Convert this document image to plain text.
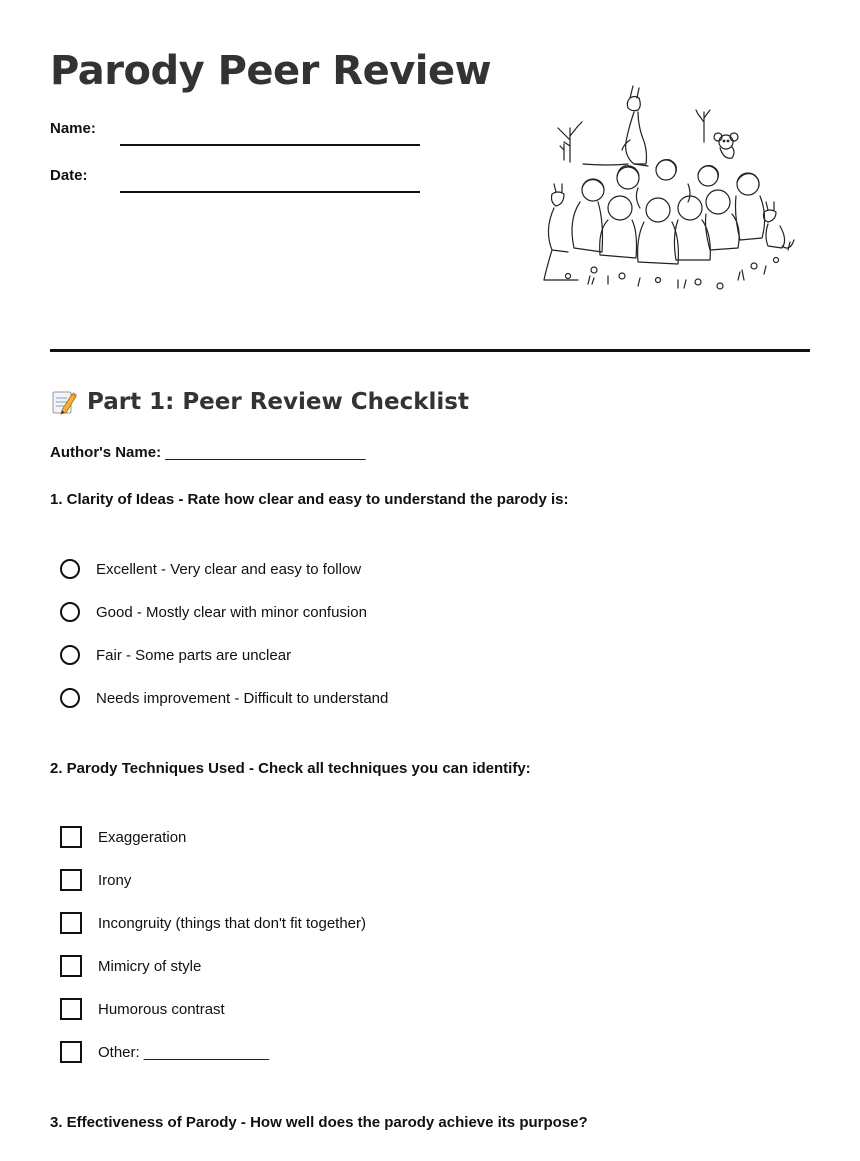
Parody Peer Review
Name:
Date:
Part 1: Peer Review Checklist
Author's Name: ________________________
1. Clarity of Ideas - Rate how clear and easy to understand the parody is:
Excellent - Very clear and easy to follow
Good - Mostly clear with minor confusion
Fair - Some parts are unclear
Needs improvement - Difficult to understand
2. Parody Techniques Used - Check all techniques you can identify:
Exaggeration
Irony
Incongruity (things that don't fit together)
Mimicry of style
Humorous contrast
Other: _______________
3. Effectiveness of Parody - How well does the parody achieve its purpose?
